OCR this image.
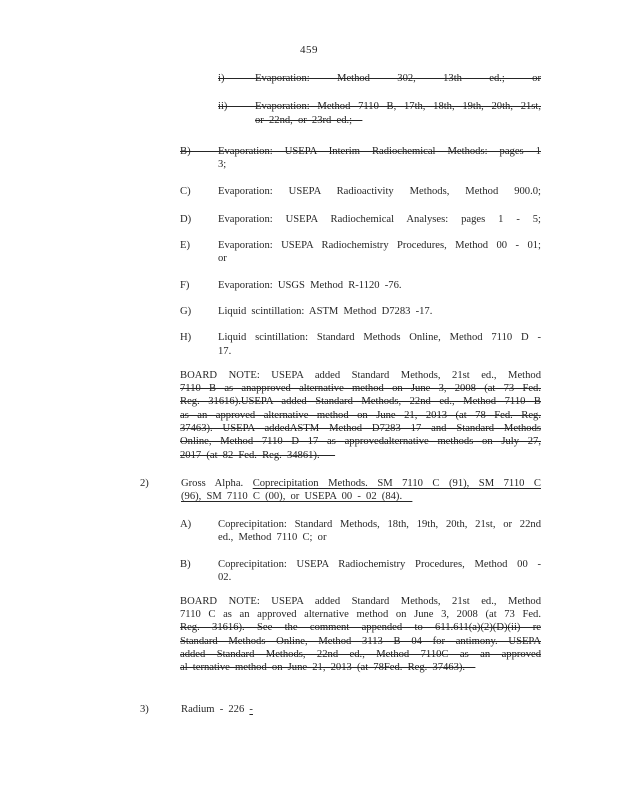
459
i)	Evaporation: Method 302, 13th ed.; or
ii)	Evaporation: Method 7110 B, 17th, 18th, 19th, 20th, 21st,
or 22nd, or 23rd ed.;
B)	Evaporation: USEPA Interim Radiochemical Methods: pages 1
3;
C)	Evaporation: USEPA Radioactivity Methods, Method 900.0;
D)	Evaporation: USEPA Radiochemical Analyses: pages 1 - 5;
E)	Evaporation: USEPA Radiochemistry Procedures, Method 00 - 01;
or
F)	Evaporation: USGS Method R-1120 -76.
G)	Liquid scintillation: ASTM Method D7283 -17.
H)	Liquid scintillation: Standard Methods Online, Method 7110 D -
17.
BOARD NOTE: USEPA added Standard Methods, 21st ed., Method
7110 B as anapproved alternative method on June 3, 2008 (at 73 Fed.
Reg. 31616).USEPA added Standard Methods, 22nd ed., Method 7110 B
as an approved alternative method on June 21, 2013 (at 78 Fed. Reg.
37463). USEPA addedASTM Method D7283 17 and Standard Methods
Online, Method 7110 D 17 as approvedalternative methods on July 27,
2017 (at 82 Fed. Reg. 34861).
2)	Gross Alpha. Coprecipitation Methods. SM 7110 C (91), SM 7110 C
(96), SM 7110 C (00), or USEPA 00 - 02 (84).
A)	Coprecipitation: Standard Methods, 18th, 19th, 20th, 21st, or 22nd
ed., Method 7110 C; or
B)	Coprecipitation: USEPA Radiochemistry Procedures, Method 00 -
02.
BOARD NOTE: USEPA added Standard Methods, 21st ed., Method
7110 C as an approved alternative method on June 3, 2008 (at 73 Fed.
Reg. 31616). See the comment appended to 611.611(a)(2)(D)(ii) re
Standard Methods Online, Method 3113 B 04 for antimony. USEPA
added Standard Methods, 22nd ed., Method 7110C as an approved
al ternative method on June 21, 2013 (at 78Fed. Reg. 37463).
3)	Radium - 226 -
